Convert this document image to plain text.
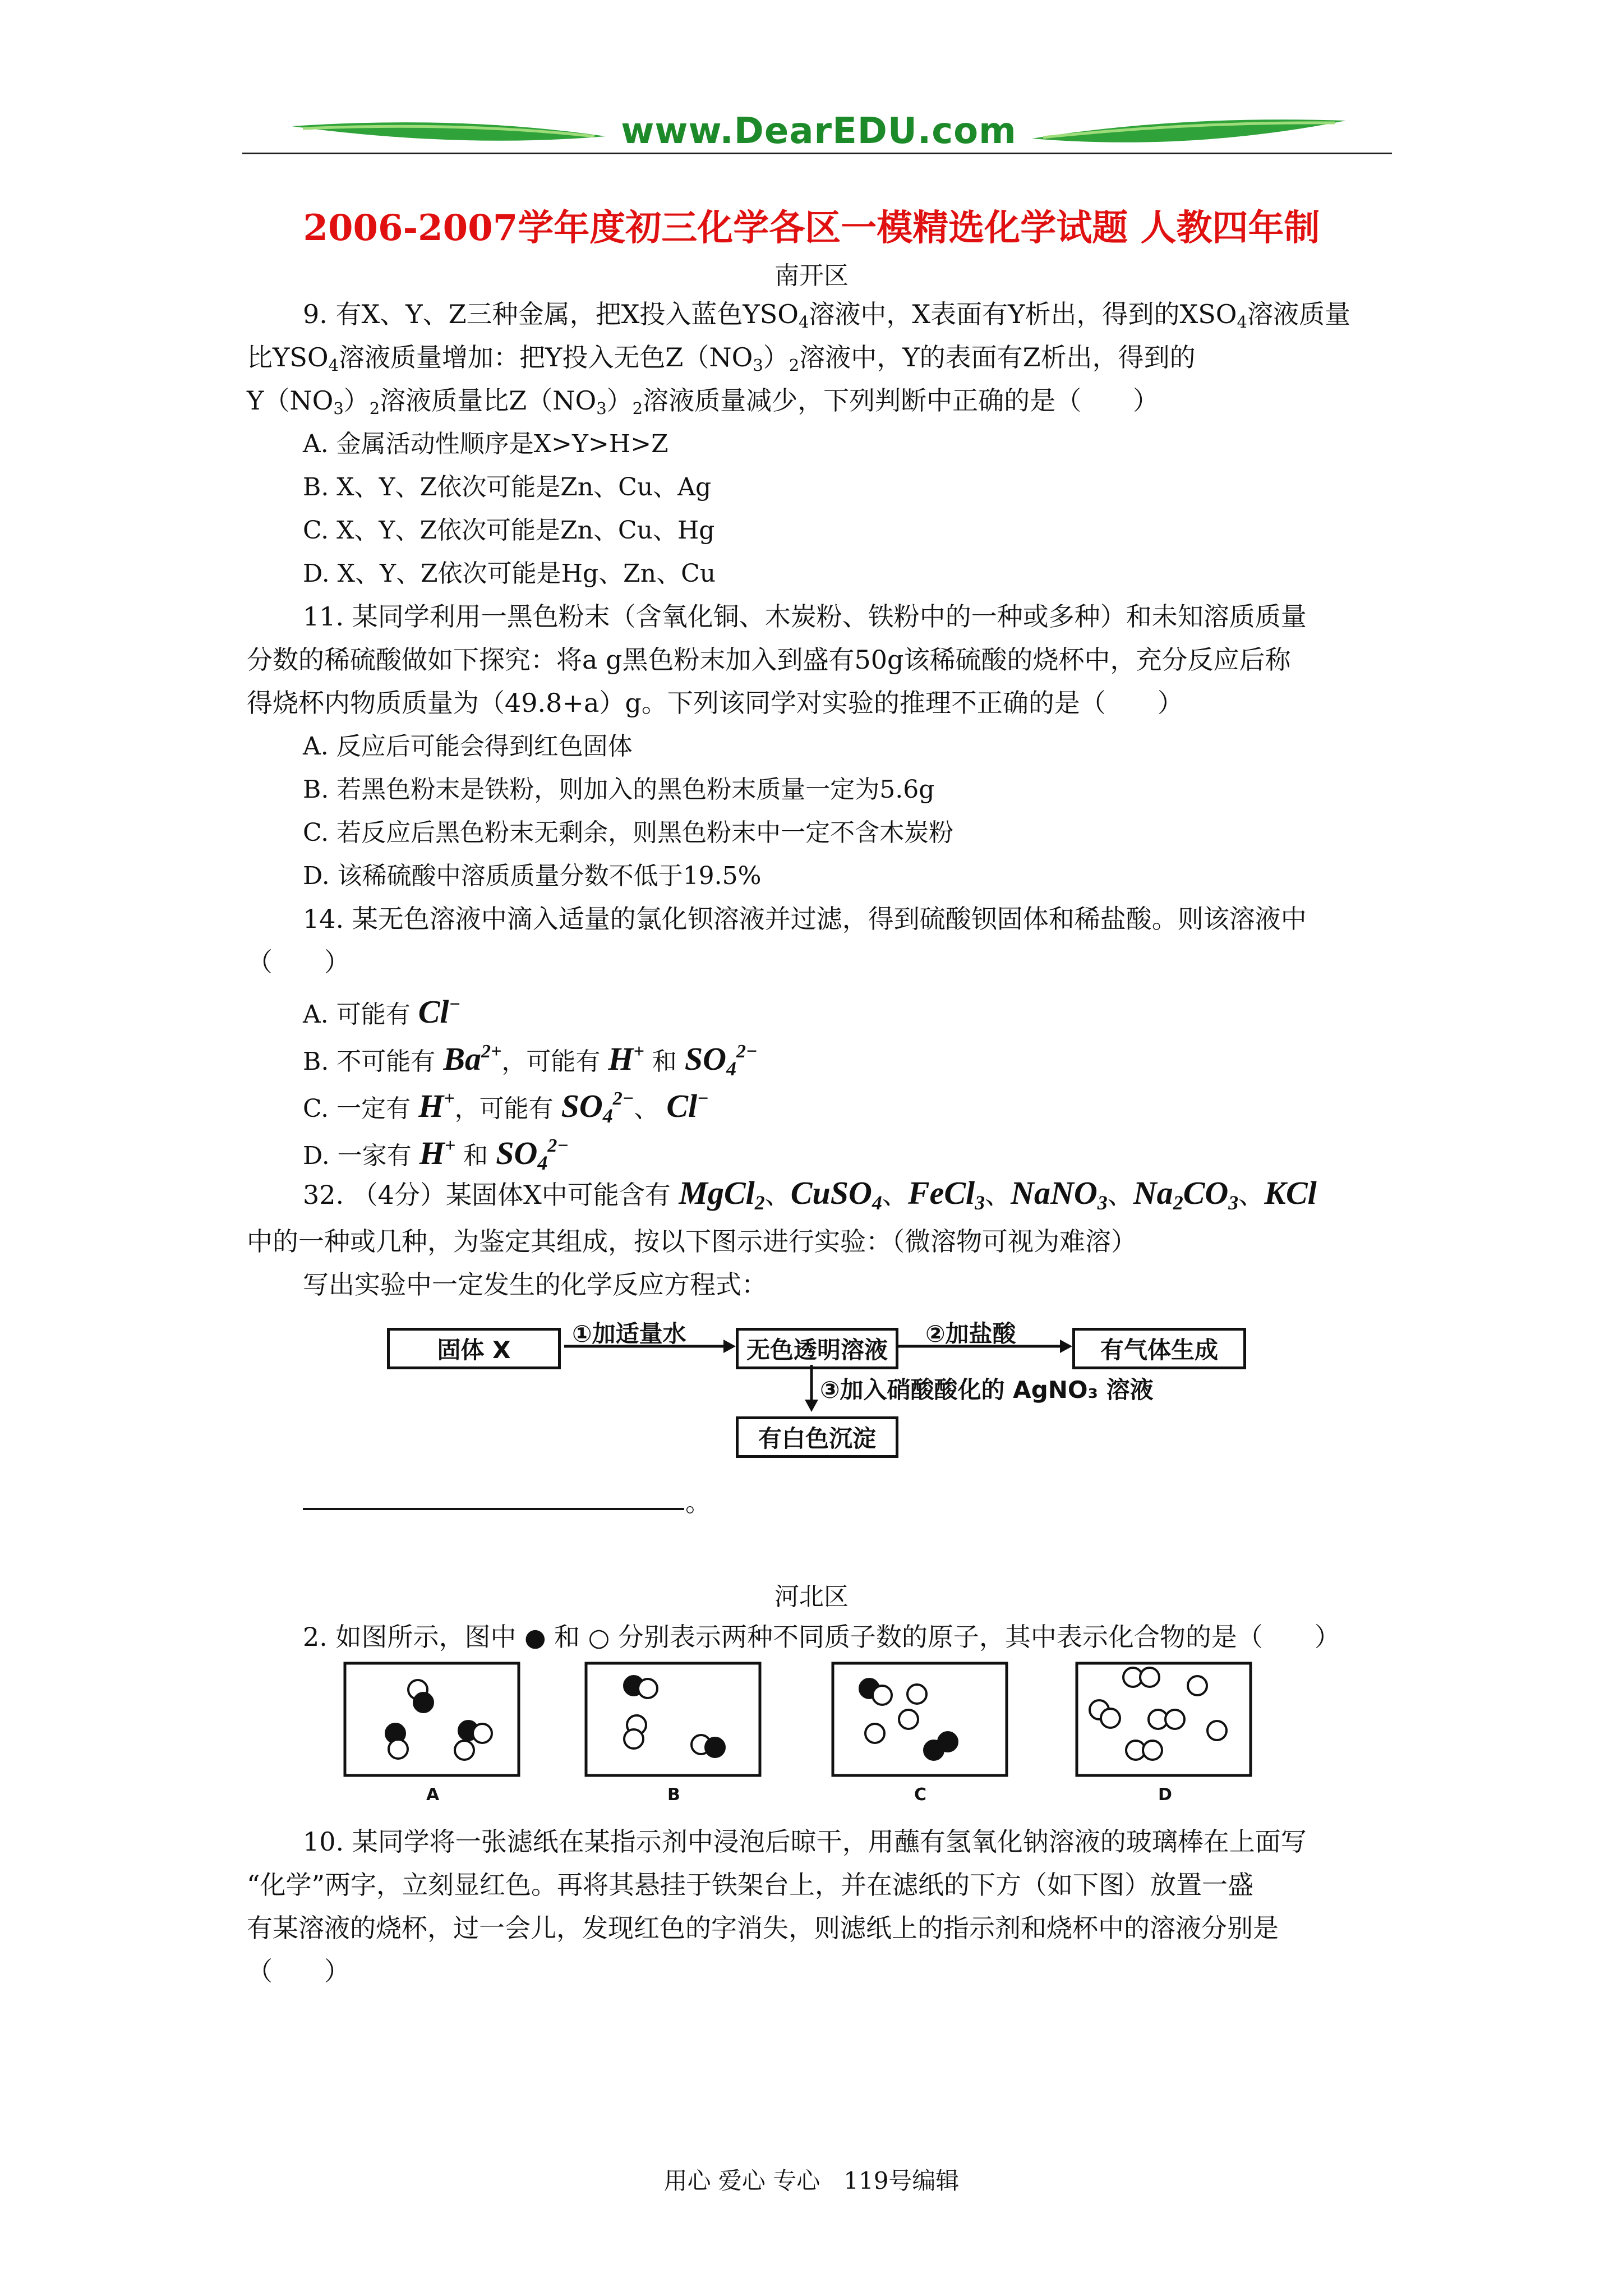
www.DearEDU.com
2006-2007学年度初三化学各区一模精选化学试题 人教四年制
南开区
9. 有X、Y、Z三种金属，把X投入蓝色$YSO_4$溶液中，X表面有Y析出，得到的$XSO_4$溶液质量
比$YSO_4$溶液质量增加：把Y投入无色$Z(NO_3)_2$溶液中，Y的表面有Z析出，得到的
$Y(NO_3)_2$溶液质量比$Z(NO_3)_2$溶液质量减少，下列判断中正确的是（　　）
A. 金属活动性顺序是X>Y>H>Z
B. X、Y、Z依次可能是Zn、Cu、Ag
C. X、Y、Z依次可能是Zn、Cu、Hg
D. X、Y、Z依次可能是Hg、Zn、Cu
11. 某同学利用一黑色粉末（含氧化铜、木炭粉、铁粉中的一种或多种）和未知溶质质量
分数的稀硫酸做如下探究：将a g黑色粉末加入到盛有50g该稀硫酸的烧杯中，充分反应后称
得烧杯内物质质量为（49.8+a）g。下列该同学对实验的推理不正确的是（　　）
A. 反应后可能会得到红色固体
B. 若黑色粉末是铁粉，则加入的黑色粉末质量一定为5.6g
C. 若反应后黑色粉末无剩余，则黑色粉末中一定不含木炭粉
D. 该稀硫酸中溶质质量分数不低于19.5%
14. 某无色溶液中滴入适量的氯化钡溶液并过滤，得到硫酸钡固体和稀盐酸。则该溶液中
（　　）
A. 可能有 Cl−
B. 不可能有 $Ba^{2+}$，可能有 H+ 和 $SO_4^{2-}$
C. 一定有 H+，可能有 $SO_4^{2-}$、 Cl−
D. 一家有 H+ 和 $SO_4^{2-}$
32. （4分）某固体X中可能含有 MgCl$_2$、CuSO$_4$、FeCl$_3$、NaNO$_3$、$Na_2CO_3$、KCl
中的一种或几种，为鉴定其组成，按以下图示进行实验：（微溶物可视为难溶）
写出实验中一定发生的化学反应方程式：
固体 X
①加适量水
无色透明溶液
②加盐酸
有气体生成
③加入硝酸酸化的 AgNO₃ 溶液
有白色沉淀
。
河北区
2. 如图所示，图中 ● 和 ○ 分别表示两种不同质子数的原子，其中表示化合物的是（　　）
A	B	C	D
10. 某同学将一张滤纸在某指示剂中浸泡后晾干，用蘸有氢氧化钠溶液的玻璃棒在上面写
“化学”两字，立刻显红色。再将其悬挂于铁架台上，并在滤纸的下方（如下图）放置一盛
有某溶液的烧杯，过一会儿，发现红色的字消失，则滤纸上的指示剂和烧杯中的溶液分别是
（　　）
用心 爱心 专心　119号编辑
